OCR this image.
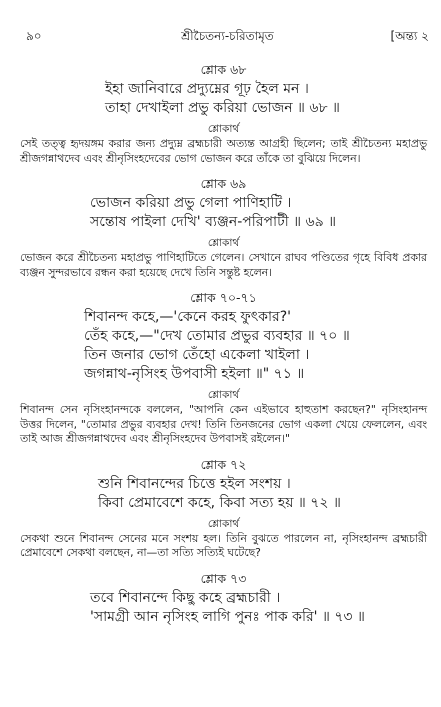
৯০	শ্রীচৈতন্য-চরিতামৃত	[অন্ত্য ২
শ্লোক ৬৮
ইহা জানিবারে প্রদ্যুম্নের গূঢ় হৈল মন ।
তাহা দেখাইলা প্রভু করিয়া ভোজন ॥ ৬৮ ॥
শ্লোকার্থ
সেই তত্ত্ব হৃদয়ঙ্গম করার জন্য প্রদ্যুম্ন ব্রহ্মচারী অত্যন্ত আগ্রহী ছিলেন; তাই শ্রীচৈতন্য মহাপ্রভু শ্রীজগন্নাথদেব এবং শ্রীনৃসিংহদেবের ভোগ ভোজন করে তাঁকে তা বুঝিয়ে দিলেন।
শ্লোক ৬৯
ভোজন করিয়া প্রভু গেলা পাণিহাটি ।
সন্তোষ পাইলা দেখি' ব্যঞ্জন-পরিপাটী ॥ ৬৯ ॥
শ্লোকার্থ
ভোজন করে শ্রীচৈতন্য মহাপ্রভু পাণিহাটিতে গেলেন। সেখানে রাঘব পণ্ডিতের গৃহে বিবিধ প্রকার ব্যঞ্জন সুন্দরভাবে রন্ধন করা হয়েছে দেখে তিনি সন্তুষ্ট হলেন।
শ্লোক ৭০-৭১
শিবানন্দ কহে,—'কেনে করহ ফুৎকার?'
তেঁহ কহে,—"দেখ তোমার প্রভুর ব্যবহার ॥ ৭০ ॥
তিন জনার ভোগ তেঁহো একেলা খাইলা ।
জগন্নাথ-নৃসিংহ উপবাসী হইলা ॥" ৭১ ॥
শ্লোকার্থ
শিবানন্দ সেন নৃসিংহানন্দকে বললেন, "আপনি কেন এইভাবে হাহুতাশ করছেন?" নৃসিংহানন্দ উত্তর দিলেন, "তোমার প্রভুর ব্যবহার দেখ! তিনি তিনজনের ভোগ একলা খেয়ে ফেললেন, এবং তাই আজ শ্রীজগন্নাথদেব এবং শ্রীনৃসিংহদেব উপবাসই রইলেন।"
শ্লোক ৭২
শুনি শিবানন্দের চিত্তে হইল সংশয় ।
কিবা প্রেমাবেশে কহে, কিবা সত্য হয় ॥ ৭২ ॥
শ্লোকার্থ
সেকথা শুনে শিবানন্দ সেনের মনে সংশয় হল। তিনি বুঝতে পারলেন না, নৃসিংহানন্দ ব্রহ্মচারী প্রেমাবেশে সেকথা বলছেন, না—তা সত্যি সত্যিই ঘটেছে?
শ্লোক ৭৩
তবে শিবানন্দে কিছু কহে ব্রহ্মচারী ।
'সামগ্রী আন নৃসিংহ লাগি পুনঃ পাক করি' ॥ ৭৩ ॥
